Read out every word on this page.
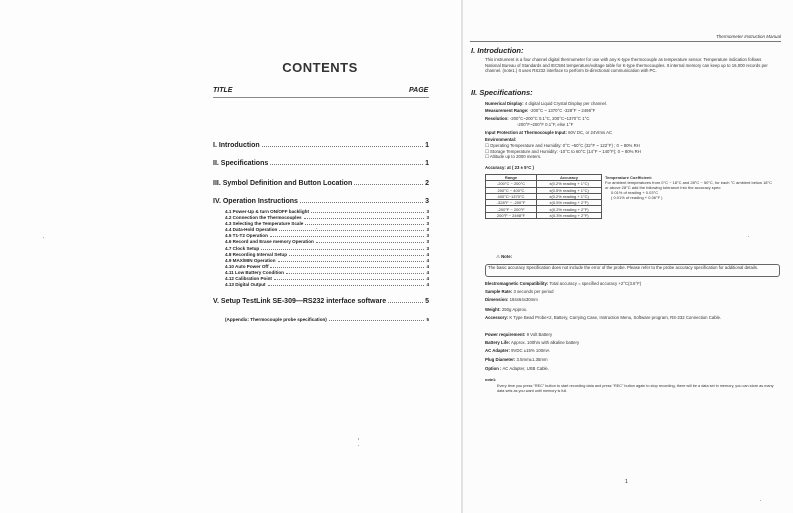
CONTENTS
TITLE	PAGE
I. Introduction	1
II. Specifications	1
III. Symbol Definition and Button Location	2
IV. Operation Instructions	3
4.1 Power-Up & turn ON/OFF backlight	3
4.2 Connection the Thermocouples	3
4.3 Selecting the Temperature Scale	3
4.4 Data-Hold Operation	3
4.5 T1-T2 Operation	3
4.6 Record and Erase memory Operation	3
4.7 Clock Setup	3
4.8 Recording Interval Setup	4
4.9 MAX/MIN Operation	4
4.10 Auto Power Off	4
4.11 Low Battery Condition	4
4.12 Calibration Point	4
4.13 Digital Output	4
V. Setup TestLink SE-309—RS232 interface software	5
(Appendix: Thermocouple probe specification)	5
Thermometer Instruction Manual
I. Introduction:
This instrument is a four channel digital thermometer for use with any K-type thermocouple as temperature sensor. Temperature indication follows National Bureau of Standards and IEC584 temperature/voltage table for K-type thermocouples. It internal memory can keep up to 16,000 records per channel. (note1.) It uses RS232 interface to perform bi-directional communication with PC.
II. Specifications:
Numerical Display: 4 digital Liquid Crystal Display per channel.
Measurement Range: -200°C ~ 1370°C -328°F ~ 2498°F
Resolution: -200°C~200°C 0.1°C, 200°C~1370°C 1°C
-200°F~200°F 0.1°F, else 1°F
Input Protection at Thermocouple Input: 60V DC, or 24Vrms AC
Environmental:
☐ Operating Temperature and Humidity: 0°C ~50°C (32°F ~ 122°F) ; 0 ~ 80% RH
☐ Storage Temperature and Humidity: -10°C to 60°C (14°F ~ 140°F); 0 ~ 80% RH
☐ Altitude up to 2000 meters.
Accuracy: at ( 23 ± 5°C )
Range	Accuracy
-200°C ~ 200°C	±(0.2% reading + 1°C)
200°C ~ 400°C	±(0.5% reading + 1°C)
400°C~1370°C	±(0.2% reading + 1°C)
-328°F ~ -200°F	±(0.5% reading + 2°F)
-200°F ~ 200°F	±(0.2% reading + 2°F)
200°F ~ 2498°F	±(0.3% reading + 2°F)
Temperature Coefficient:
For ambient temperatures from 0°C ~ 18°C and 28°C ~ 50°C, for each °C ambient below 18°C or above 28°C add the following tolerance into the accuracy spec:
0.01% of reading + 0.03°C
( 0.01% of reading + 0.06°F )
⚠ Note:
The basic accuracy Specification does not include the error of the probe. Please refer to the probe accuracy specification for additional details.
Electromagnetic Compatibility: Total accuracy = specified accuracy +2°C(3.6°F)
Sample Rate: 3 seconds per period
Dimension: 184x64x30mm
Weight: 250g Approx.
Accessory: K Type Bead Probe×2, Battery, Carrying Case, Instruction Menu, Software program, RS-232 Connection Cable.
Power requirement: 9 Volt Battery
Battery Life: Approx. 100hrs with alkaline battery
AC Adapter: 9VDC ±15% 100mA
Plug Diameter: 3.5mm±1.35mm
Option : AC Adapter, USB Cable.
note1:
Every time you press "REC" button to start recording data and press "REC" button again to stop recording, there will be a data set in memory, you can store as many data sets as you want until memory is full.
1
